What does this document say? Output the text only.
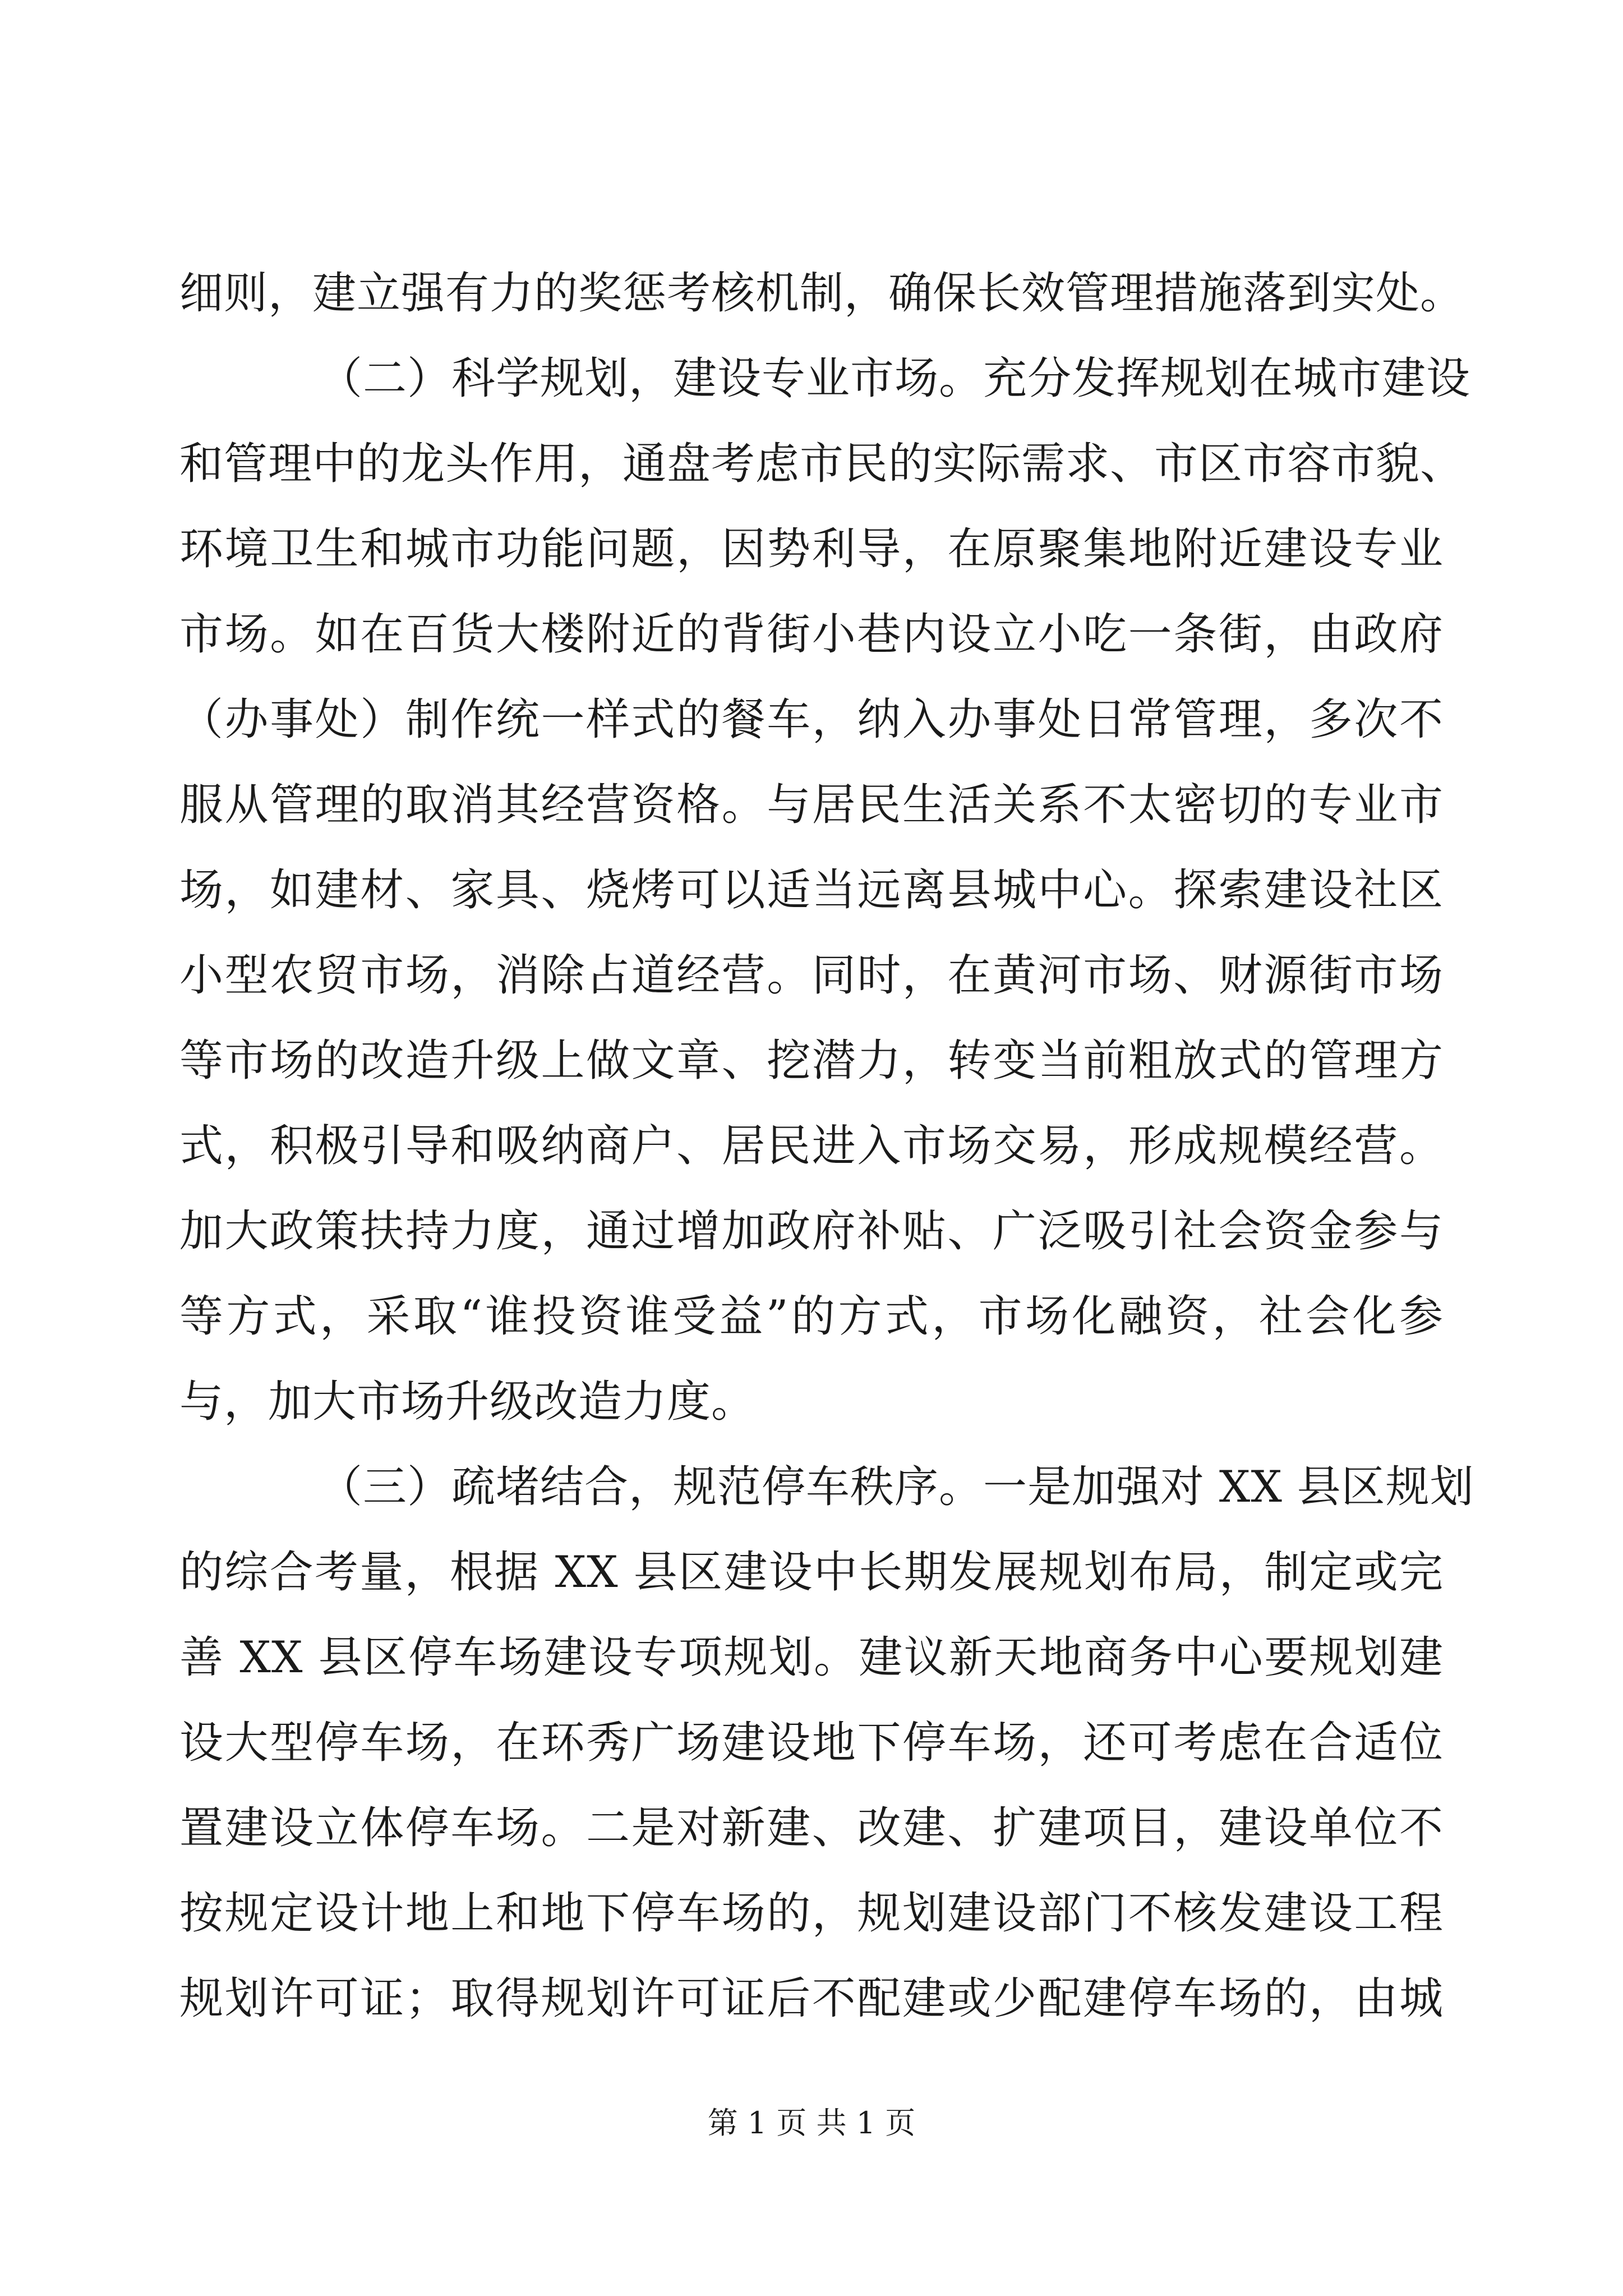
细则，建立强有力的奖惩考核机制，确保长效管理措施落到实处。
（二）科学规划，建设专业市场。充分发挥规划在城市建设
和管理中的龙头作用，通盘考虑市民的实际需求、市区市容市貌、
环境卫生和城市功能问题，因势利导，在原聚集地附近建设专业
市场。如在百货大楼附近的背街小巷内设立小吃一条街，由政府
（办事处）制作统一样式的餐车，纳入办事处日常管理，多次不
服从管理的取消其经营资格。与居民生活关系不太密切的专业市
场，如建材、家具、烧烤可以适当远离县城中心。探索建设社区
小型农贸市场，消除占道经营。同时，在黄河市场、财源街市场
等市场的改造升级上做文章、挖潜力，转变当前粗放式的管理方
式，积极引导和吸纳商户、居民进入市场交易，形成规模经营。
加大政策扶持力度，通过增加政府补贴、广泛吸引社会资金参与
等方式，采取“谁投资谁受益”的方式，市场化融资，社会化参
与，加大市场升级改造力度。
（三）疏堵结合，规范停车秩序。一是加强对 XX 县区规划
的综合考量，根据 XX 县区建设中长期发展规划布局，制定或完
善 XX 县区停车场建设专项规划。建议新天地商务中心要规划建
设大型停车场，在环秀广场建设地下停车场，还可考虑在合适位
置建设立体停车场。二是对新建、改建、扩建项目，建设单位不
按规定设计地上和地下停车场的，规划建设部门不核发建设工程
规划许可证；取得规划许可证后不配建或少配建停车场的，由城
第 1 页 共 1 页
